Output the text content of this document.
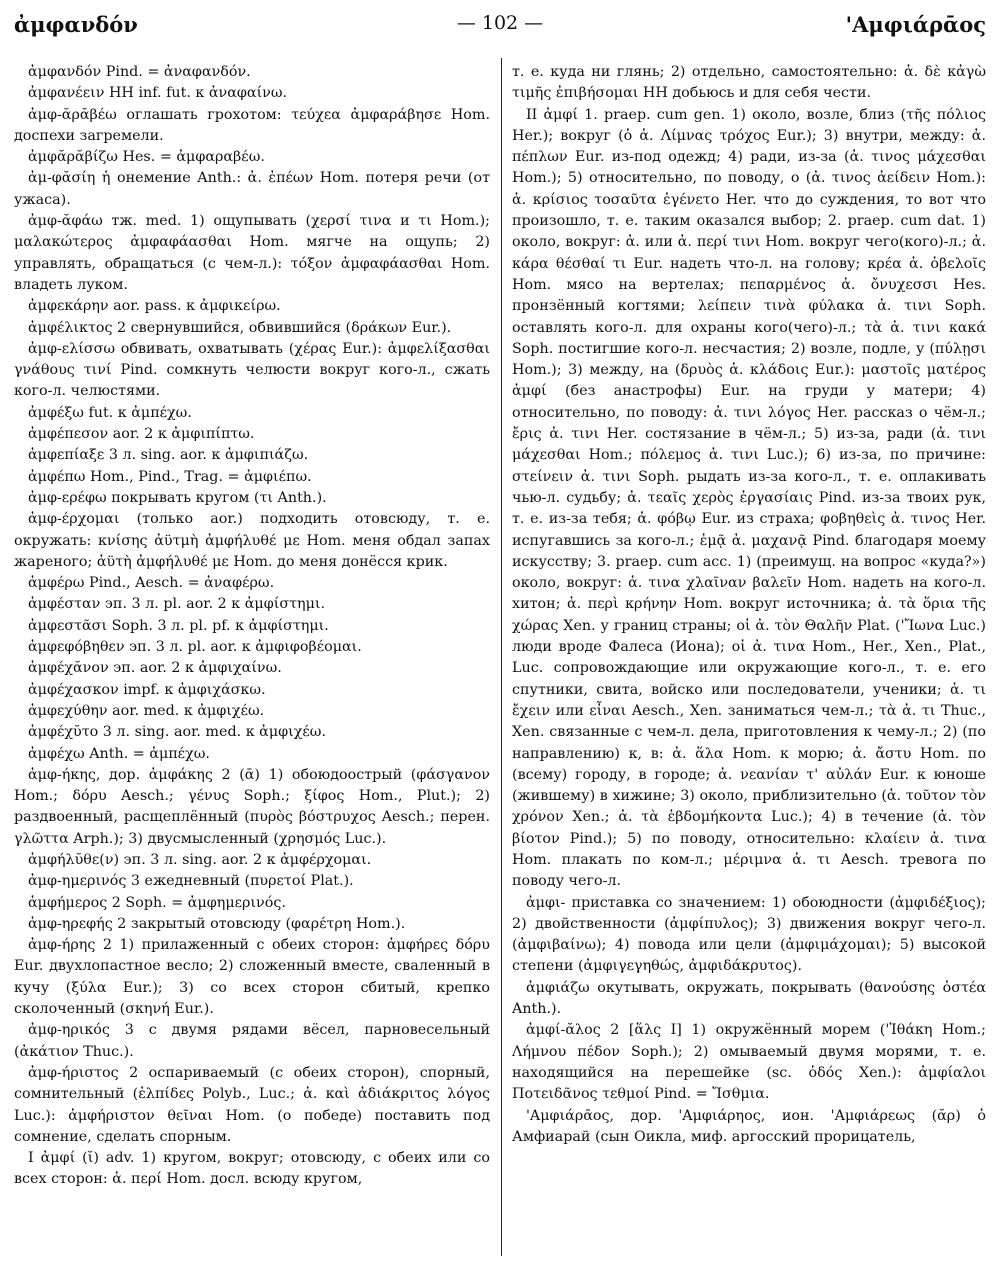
ἀμφανδόν	— 102 —	'Αμφιάρᾱος

ἀμφανδόν Pind. = ἀναφανδόν.

ἀμφανέειν НН inf. fut. к ἀναφαίνω.

ἀμφ-ᾰρᾰβέω оглашать грохотом: τεύχεα ἀμφαράβησε Hom. доспехи загремели.

ἀμφᾰρᾰβίζω Hes. = ἀμφαραβέω.

ἀμ-φᾰσίη ἡ онемение Anth.: ἀ. ἐπέων Hom. потеря речи (от ужаса).

ἀμφ-ᾰφάω тж. med. 1) ощупывать (χερσί τινα и τι Hom.); μαλακώτερος ἀμφαφάασθαι Hom. мягче на ощупь; 2) управлять, обращаться (с чем-л.): τόξον ἀμφαφάασθαι Hom. владеть луком.

ἀμφεκάρην aor. pass. к ἀμφικείρω.

ἀμφέλικτος 2 свернувшийся, обвившийся (δράκων Eur.).

ἀμφ-ελίσσω обвивать, охватывать (χέρας Eur.): ἀμφελίξασθαι γνάθους τινί Pind. сомкнуть челюсти вокруг кого-л., сжать кого-л. челюстями.

ἀμφέξω fut. к ἀμπέχω.

ἀμφέπεσον aor. 2 к ἀμφιπίπτω.

ἀμφεπίαξε 3 л. sing. aor. к ἀμφιπιάζω.

ἀμφέπω Hom., Pind., Trag. = ἀμφιέπω.

ἀμφ-ερέφω покрывать кругом (τι Anth.).

ἀμφ-έρχομαι (только aor.) подходить отовсюду, т. е. окружать: κνίσης ἀϋτμὴ ἀμφήλυθέ με Hom. меня обдал запах жареного; ἀϋτὴ ἀμφήλυθέ με Hom. до меня донёсся крик.

ἀμφέρω Pind., Aesch. = ἀναφέρω.

ἀμφέσταν эп. 3 л. pl. aor. 2 к ἀμφίστημι.

ἀμφεστᾶσι Soph. 3 л. pl. pf. к ἀμφίστημι.

ἀμφεφόβηθεν эп. 3 л. pl. aor. к ἀμφιφοβέομαι.

ἀμφέχᾰνον эп. aor. 2 к ἀμφιχαίνω.

ἀμφέχασκον impf. к ἀμφιχάσκω.

ἀμφεχύθην aor. med. к ἀμφιχέω.

ἀμφέχῠτο 3 л. sing. aor. med. к ἀμφιχέω.

ἀμφέχω Anth. = ἀμπέχω.

ἀμφ-ήκης, дор. ἀμφάκης 2 (ᾱ) 1) обоюдоострый (φάσγανον Hom.; δόρυ Aesch.; γένυς Soph.; ξίφος Hom., Plut.); 2) раздвоенный, расщеплённый (πυρὸς βόστρυχος Aesch.; перен. γλῶττα Arph.); 3) двусмысленный (χρησμός Luc.).

ἀμφήλῠθε(ν) эп. 3 л. sing. aor. 2 к ἀμφέρχομαι.

ἀμφ-ημερινός 3 ежедневный (πυρετοί Plat.).

ἀμφήμερος 2 Soph. = ἀμφημερινός.

ἀμφ-ηρεφής 2 закрытый отовсюду (φαρέτρη Hom.).

ἀμφ-ήρης 2 1) прилаженный с обеих сторон: ἀμφήρες δόρυ Eur. двухлопастное весло; 2) сложенный вместе, сваленный в кучу (ξύλα Eur.); 3) со всех сторон сбитый, крепко сколоченный (σκηνή Eur.).

ἀμφ-ηρικός 3 с двумя рядами вёсел, парновесельный (ἀκάτιον Thuc.).

ἀμφ-ήριστος 2 оспариваемый (с обеих сторон), спорный, сомнительный (ἐλπίδες Polyb., Luc.; ἀ. καὶ ἀδιάκριτος λόγος Luc.): ἀμφήριστον θεῖναι Hom. (о победе) поставить под сомнение, сделать спорным.

I ἀμφί (ῐ) adv. 1) кругом, вокруг; отовсюду, с обеих или со всех сторон: ἀ. περί Hom. досл. всюду кругом,

т. е. куда ни глянь; 2) отдельно, самостоятельно: ἀ. δὲ κἀγὼ τιμῆς ἐπιβήσομαι НН добьюсь и для себя чести.

II ἀμφί 1. praep. cum gen. 1) около, возле, близ (τῆς πόλιος Her.); вокруг (ὁ ἀ. Λίμνας τρόχος Eur.); 3) внутри, между: ἀ. πέπλων Eur. из-под одежд; 4) ради, из-за (ἀ. τινος μάχεσθαι Hom.); 5) относительно, по поводу, о (ἀ. τινος ἀείδειν Hom.): ἀ. κρίσιος τοσαῦτα ἐγένετο Her. что до суждения, то вот что произошло, т. е. таким оказался выбор; 2. praep. cum dat. 1) около, вокруг: ἀ. или ἀ. περί τινι Hom. вокруг чего(кого)-л.; ἀ. κάρα θέσθαί τι Eur. надеть что-л. на голову; κρέα ἀ. ὀβελοῖς Hom. мясо на вертелах; πεπαρμένος ἀ. ὄνυχεσσι Hes. пронзённый когтями; λείπειν τινὰ φύλακα ἀ. τινι Soph. оставлять кого-л. для охраны кого(чего)-л.; τὰ ἀ. τινι κακά Soph. постигшие кого-л. несчастия; 2) возле, подле, у (πύλῃσι Hom.); 3) между, на (δρυὸς ἀ. κλάδοις Eur.): μαστοῖς ματέρος ἀμφί (без анастрофы) Eur. на груди у матери; 4) относительно, по поводу: ἀ. τινι λόγος Her. рассказ о чём-л.; ἔρις ἀ. τινι Her. состязание в чём-л.; 5) из-за, ради (ἀ. τινι μάχεσθαι Hom.; πόλεμος ἀ. τινι Luc.); 6) из-за, по причине: στείνειν ἀ. τινι Soph. рыдать из-за кого-л., т. е. оплакивать чью-л. судьбу; ἀ. τεαῖς χερὸς ἐργασίαις Pind. из-за твоих рук, т. е. из-за тебя; ἀ. φόβῳ Eur. из страха; φοβηθεὶς ἀ. τινος Her. испугавшись за кого-л.; ἐμᾷ ἀ. μαχανᾷ Pind. благодаря моему искусству; 3. praep. cum acc. 1) (преимущ. на вопрос «куда?») около, вокруг: ἀ. τινα χλαῖναν βαλεῖν Hom. надеть на кого-л. хитон; ἀ. περὶ κρήνην Hom. вокруг источника; ἀ. τὰ ὅρια τῆς χώρας Xen. у границ страны; οἱ ἀ. τὸν Θαλῆν Plat. ('Ἴωνα Luc.) люди вроде Фалеса (Иона); οἱ ἀ. τινα Hom., Her., Xen., Plat., Luc. сопровождающие или окружающие кого-л., т. е. его спутники, свита, войско или последователи, ученики; ἀ. τι ἔχειν или εἶναι Aesch., Xen. заниматься чем-л.; τὰ ἀ. τι Thuc., Xen. связанные с чем-л. дела, приготовления к чему-л.; 2) (по направлению) к, в: ἀ. ἅλα Hom. к морю; ἀ. ἄστυ Hom. по (всему) городу, в городе; ἀ. νεανίαν τ' αὐλάν Eur. к юноше (жившему) в хижине; 3) около, приблизительно (ἀ. τοῦτον τὸν χρόνον Xen.; ἀ. τὰ ἑβδομήκοντα Luc.); 4) в течение (ἀ. τὸν βίοτον Pind.); 5) по поводу, относительно: κλαίειν ἀ. τινα Hom. плакать по ком-л.; μέριμνα ἀ. τι Aesch. тревога по поводу чего-л.

ἀμφι- приставка со значением: 1) обоюдности (ἀμφιδέξιος); 2) двойственности (ἀμφίπυλος); 3) движения вокруг чего-л. (ἀμφιβαίνω); 4) повода или цели (ἀμφιμάχομαι); 5) высокой степени (ἀμφιγεγηθώς, ἀμφιδάκρυτος).

ἀμφιάζω окутывать, окружать, покрывать (θανούσης ὀστέα Anth.).

ἀμφί-ᾰλος 2 [ἅλς I] 1) окружённый морем ('Ἰθάκη Hom.; Λήμνου πέδον Soph.); 2) омываемый двумя морями, т. е. находящийся на перешейке (sc. ὁδός Xen.): ἀμφίαλοι Ποτειδᾶνος τεθμοί Pind. = Ἴσθμια.

'Αμφιάρᾱος, дор. 'Αμφιάρηος, ион. 'Αμφιάρεως (ᾰρ) ὁ Амфиарай (сын Оикла, миф. аргосский прорицатель,
